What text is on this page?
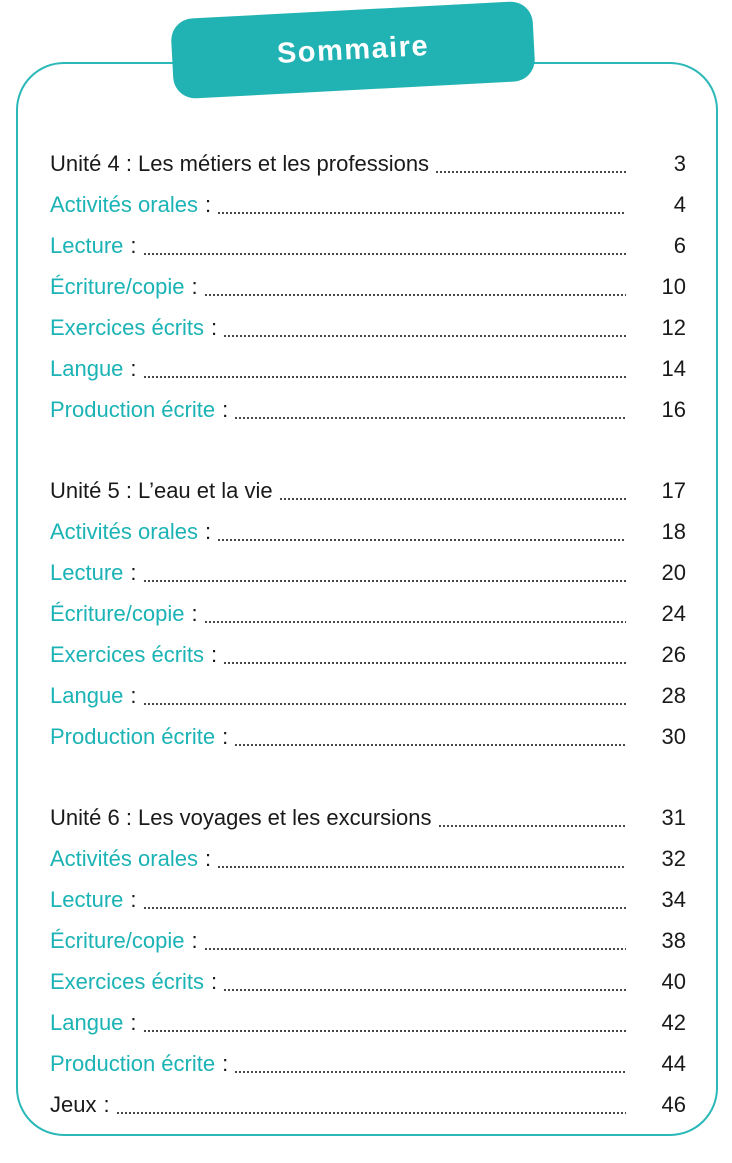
Sommaire
Unité 4 : Les métiers et les professions	3
Activités orales :	4
Lecture :	6
Écriture/copie :	10
Exercices écrits :	12
Langue :	14
Production écrite :	16
Unité 5 : L’eau et la vie	17
Activités orales :	18
Lecture :	20
Écriture/copie :	24
Exercices écrits :	26
Langue :	28
Production écrite :	30
Unité 6 : Les voyages et les excursions	31
Activités orales :	32
Lecture :	34
Écriture/copie :	38
Exercices écrits :	40
Langue :	42
Production écrite :	44
Jeux :	46
